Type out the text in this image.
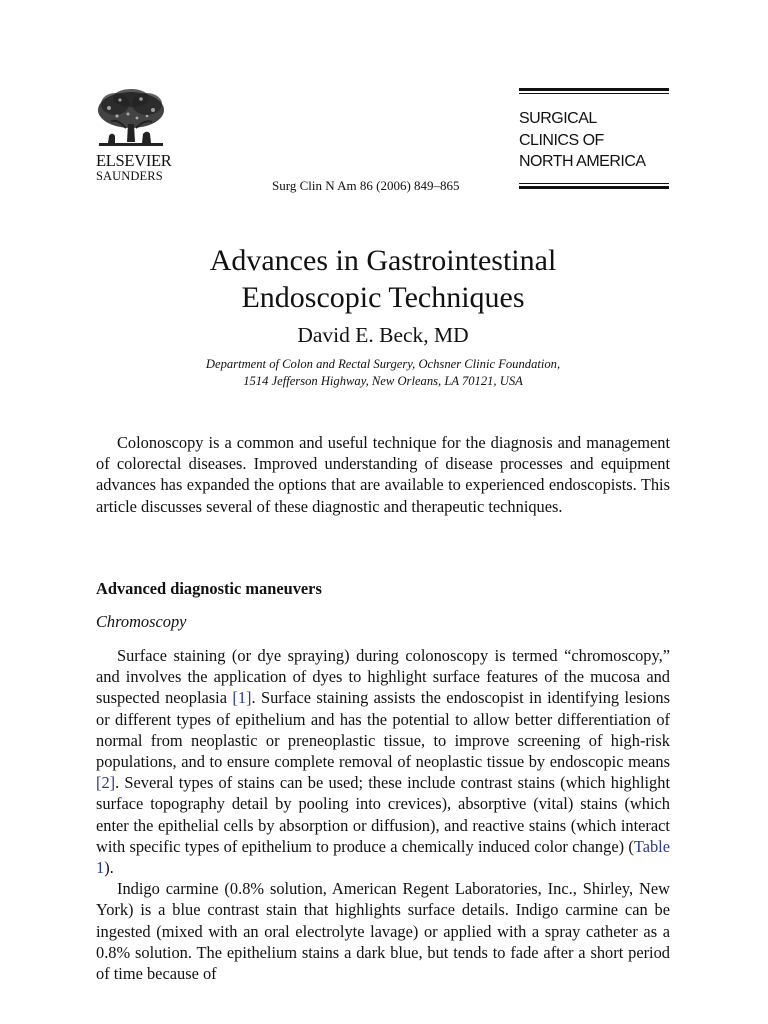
ELSEVIER
SAUNDERS
Surg Clin N Am 86 (2006) 849–865
SURGICAL
CLINICS OF
NORTH AMERICA
Advances in Gastrointestinal
Endoscopic Techniques
David E. Beck, MD
Department of Colon and Rectal Surgery, Ochsner Clinic Foundation,
1514 Jefferson Highway, New Orleans, LA 70121, USA

Colonoscopy is a common and useful technique for the diagnosis and management of colorectal diseases. Improved understanding of disease processes and equipment advances has expanded the options that are available to experienced endoscopists. This article discusses several of these diagnostic and therapeutic techniques.

Advanced diagnostic maneuvers
Chromoscopy

Surface staining (or dye spraying) during colonoscopy is termed “chromoscopy,” and involves the application of dyes to highlight surface features of the mucosa and suspected neoplasia [1]. Surface staining assists the endoscopist in identifying lesions or different types of epithelium and has the potential to allow better differentiation of normal from neoplastic or preneoplastic tissue, to improve screening of high-risk populations, and to ensure complete removal of neoplastic tissue by endoscopic means [2]. Several types of stains can be used; these include contrast stains (which highlight surface topography detail by pooling into crevices), absorptive (vital) stains (which enter the epithelial cells by absorption or diffusion), and reactive stains (which interact with specific types of epithelium to produce a chemically induced color change) (Table 1).

Indigo carmine (0.8% solution, American Regent Laboratories, Inc., Shirley, New York) is a blue contrast stain that highlights surface details. Indigo carmine can be ingested (mixed with an oral electrolyte lavage) or applied with a spray catheter as a 0.8% solution. The epithelium stains a dark blue, but tends to fade after a short period of time because of
